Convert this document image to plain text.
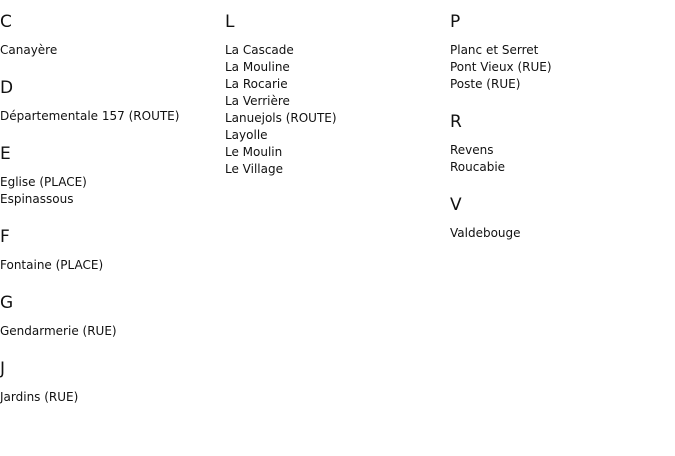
C
Canayère
D
Départementale 157 (ROUTE)
E
Eglise (PLACE)
Espinassous
F
Fontaine (PLACE)
G
Gendarmerie (RUE)
J
Jardins (RUE)
L
La Cascade
La Mouline
La Rocarie
La Verrière
Lanuejols (ROUTE)
Layolle
Le Moulin
Le Village
P
Planc et Serret
Pont Vieux (RUE)
Poste (RUE)
R
Revens
Roucabie
V
Valdebouge
